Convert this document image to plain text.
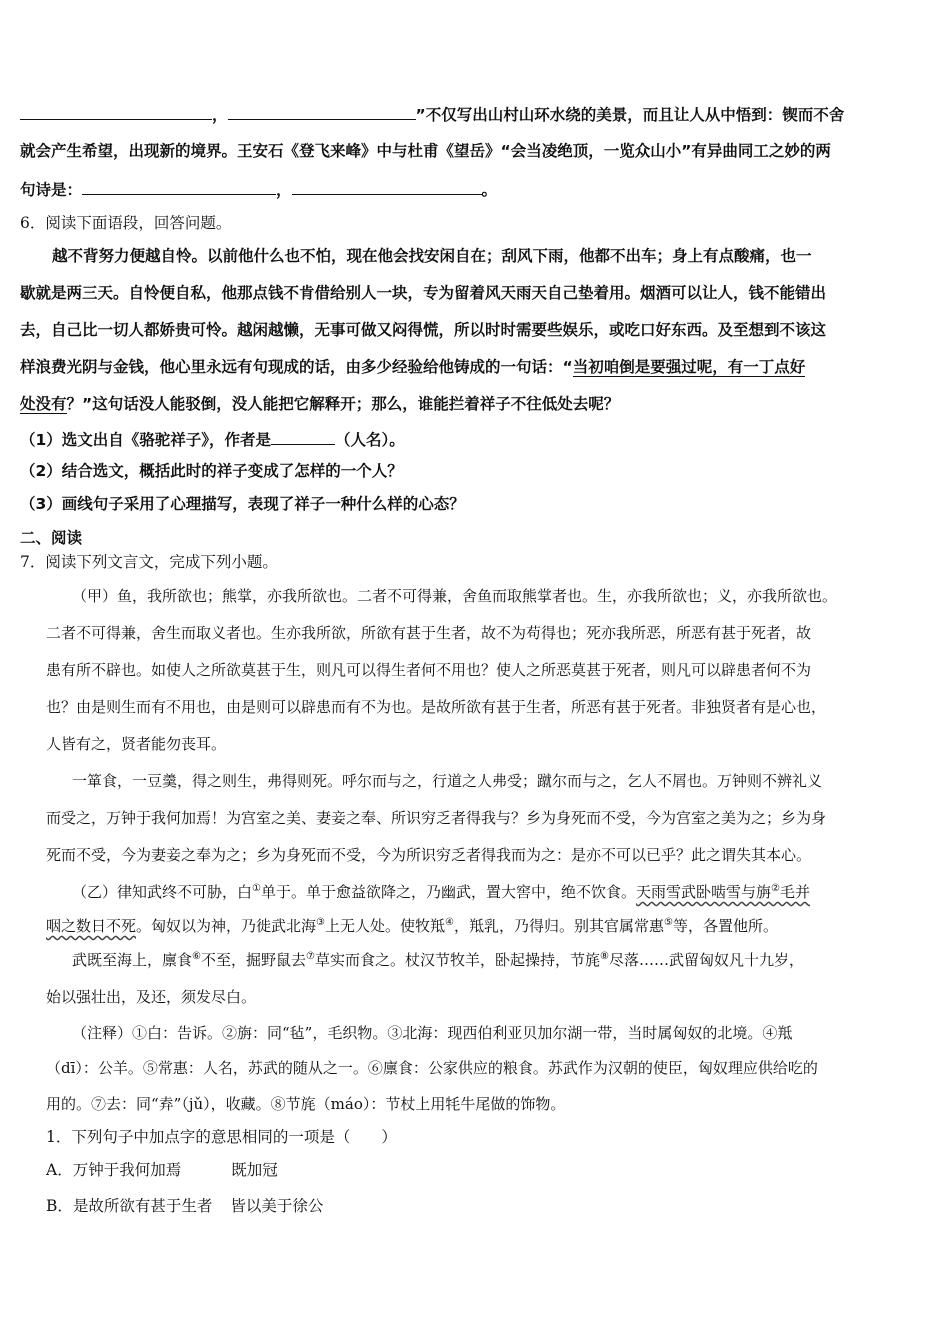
，	”不仅写出山村山环水绕的美景，而且让人从中悟到：锲而不舍
就会产生希望，出现新的境界。王安石《登飞来峰》中与杜甫《望岳》“会当凌绝顶，一览众山小”有异曲同工之妙的两
句诗是：	，	。
6．阅读下面语段，回答问题。
越不背努力便越自怜。以前他什么也不怕，现在他会找安闲自在；刮风下雨，他都不出车；身上有点酸痛，也一
歇就是两三天。自怜便自私，他那点钱不肯借给别人一块，专为留着风天雨天自己垫着用。烟酒可以让人，钱不能错出
去，自己比一切人都娇贵可怜。越闲越懒，无事可做又闷得慌，所以时时需要些娱乐，或吃口好东西。及至想到不该这
样浪费光阴与金钱，他心里永远有句现成的话，由多少经验给他铸成的一句话：“当初咱倒是要强过呢，有一丁点好
处没有？”这句话没人能驳倒，没人能把它解释开；那么，谁能拦着祥子不往低处去呢？
（1）选文出自《骆驼祥子》，作者是	（人名）。
（2）结合选文，概括此时的祥子变成了怎样的一个人？
（3）画线句子采用了心理描写，表现了祥子一种什么样的心态？
二、阅读
7．阅读下列文言文，完成下列小题。
（甲）鱼，我所欲也；熊掌，亦我所欲也。二者不可得兼，舍鱼而取熊掌者也。生，亦我所欲也；义，亦我所欲也。
二者不可得兼，舍生而取义者也。生亦我所欲，所欲有甚于生者，故不为苟得也；死亦我所恶，所恶有甚于死者，故
患有所不辟也。如使人之所欲莫甚于生，则凡可以得生者何不用也？使人之所恶莫甚于死者，则凡可以辟患者何不为
也？由是则生而有不用也，由是则可以辟患而有不为也。是故所欲有甚于生者，所恶有甚于死者。非独贤者有是心也，
人皆有之，贤者能勿丧耳。
一箪食，一豆羹，得之则生，弗得则死。呼尔而与之，行道之人弗受；蹴尔而与之，乞人不屑也。万钟则不辨礼义
而受之，万钟于我何加焉！为宫室之美、妻妾之奉、所识穷乏者得我与？乡为身死而不受，今为宫室之美为之；乡为身
死而不受，今为妻妾之奉为之；乡为身死而不受，今为所识穷乏者得我而为之：是亦不可以已乎？此之谓失其本心。
（乙）律知武终不可胁，白①单于。单于愈益欲降之，乃幽武，置大窖中，绝不饮食。天雨雪武卧啮雪与旃②毛并
咽之数日不死。匈奴以为神，乃徙武北海③上无人处。使牧羝④，羝乳，乃得归。别其官属常惠⑤等，各置他所。
武既至海上，廪食⑥不至，掘野鼠去⑦草实而食之。杖汉节牧羊，卧起操持，节旄⑧尽落……武留匈奴凡十九岁，
始以强壮出，及还，须发尽白。
（注释）①白：告诉。②旃：同“毡”，毛织物。③北海：现西伯利亚贝加尔湖一带，当时属匈奴的北境。④羝
（dī）：公羊。⑤常惠：人名，苏武的随从之一。⑥廪食：公家供应的粮食。苏武作为汉朝的使臣，匈奴理应供给吃的
用的。⑦去：同“弆”（jǔ），收藏。⑧节旄（máo）：节杖上用牦牛尾做的饰物。
1．下列句子中加点字的意思相同的一项是（　　）
A．万钟于我何加焉	既加冠
B．是故所欲有甚于生者 皆以美于徐公
